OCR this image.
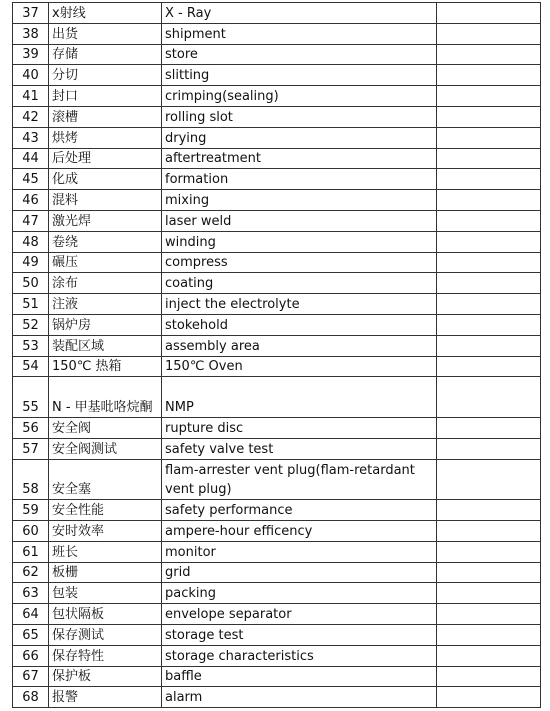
37	x射线	X - Ray	
38	出货	shipment	
39	存储	store	
40	分切	slitting	
41	封口	crimping(sealing)	
42	滚槽	rolling slot	
43	烘烤	drying	
44	后处理	aftertreatment	
45	化成	formation	
46	混料	mixing	
47	激光焊	laser weld	
48	卷绕	winding	
49	碾压	compress	
50	涂布	coating	
51	注液	inject the electrolyte	
52	锅炉房	stokehold	
53	装配区域	assembly area	
54	150℃ 热箱	150℃ Oven	
55	N - 甲基吡咯烷酮	NMP	
56	安全阀	rupture disc	
57	安全阀测试	safety valve test	
58	安全塞	flam-arrester vent plug(flam-retardant vent plug)	
59	安全性能	safety performance	
60	安时效率	ampere-hour efficency	
61	班长	monitor	
62	板栅	grid	
63	包装	packing	
64	包状隔板	envelope separator	
65	保存测试	storage test	
66	保存特性	storage characteristics	
67	保护板	baffle	
68	报警	alarm	
